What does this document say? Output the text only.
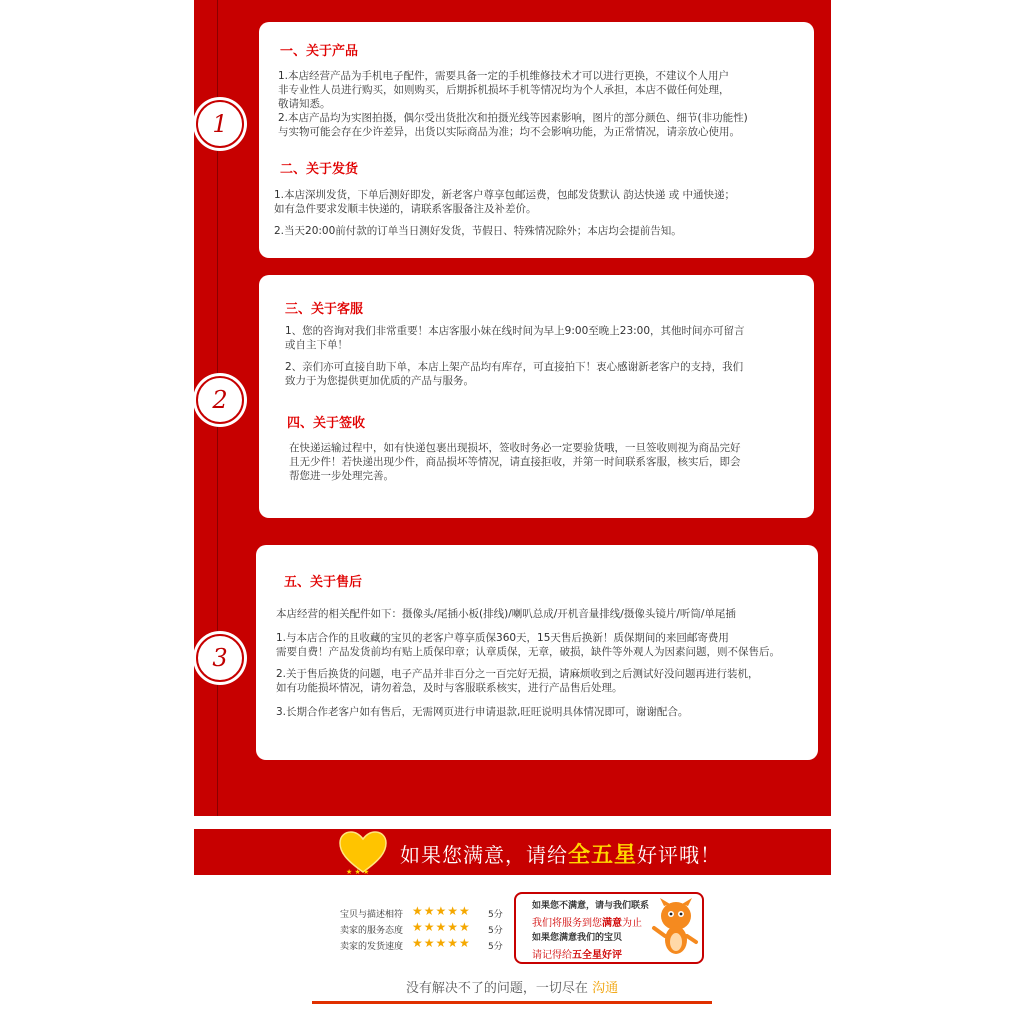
1
2
3
一、关于产品
1.本店经营产品为手机电子配件，需要具备一定的手机维修技术才可以进行更换，不建议个人用户
非专业性人员进行购买，如则购买，后期拆机损坏手机等情况均为个人承担，本店不做任何处理，
敬请知悉。
2.本店产品均为实图拍摄，偶尔受出货批次和拍摄光线等因素影响，图片的部分颜色、细节(非功能性)
与实物可能会存在少许差异，出货以实际商品为准；均不会影响功能，为正常情况，请亲放心使用。
二、关于发货
1.本店深圳发货，下单后测好即发，新老客户尊享包邮运费，包邮发货默认 韵达快递 或 中通快递；
如有急件要求发顺丰快递的，请联系客服备注及补差价。
2.当天20:00前付款的订单当日测好发货，节假日、特殊情况除外；本店均会提前告知。
三、关于客服
1、您的咨询对我们非常重要！本店客服小妹在线时间为早上9:00至晚上23:00，其他时间亦可留言
或自主下单！
2、亲们亦可直接自助下单，本店上架产品均有库存，可直接拍下！衷心感谢新老客户的支持，我们
致力于为您提供更加优质的产品与服务。
四、关于签收
在快递运输过程中，如有快递包裹出现损坏，签收时务必一定要验货哦，一旦签收则视为商品完好
且无少件！若快递出现少件，商品损坏等情况，请直接拒收，并第一时间联系客服，核实后，即会
帮您进一步处理完善。
五、关于售后
本店经营的相关配件如下：摄像头/尾插小板(排线)/喇叭总成/开机音量排线/摄像头镜片/听筒/单尾插
1.与本店合作的且收藏的宝贝的老客户尊享质保360天，15天售后换新！质保期间的来回邮寄费用
需要自费！产品发货前均有贴上质保印章；认章质保，无章，破损，缺件等外观人为因素问题，则不保售后。
2.关于售后换货的问题，电子产品并非百分之一百完好无损，请麻烦收到之后测试好没问题再进行装机，
如有功能损坏情况，请勿着急，及时与客服联系核实，进行产品售后处理。
3.长期合作老客户如有售后，无需网页进行申请退款,旺旺说明具体情况即可，谢谢配合。
★ ★ ★
如果您满意，请给全五星好评哦！
宝贝与描述相符 ★★★★★ 5分
卖家的服务态度 ★★★★★ 5分
卖家的发货速度 ★★★★★ 5分
如果您不满意，请与我们联系
我们将服务到您满意为止
如果您满意我们的宝贝
请记得给五全星好评
没有解决不了的问题，一切尽在 沟通
